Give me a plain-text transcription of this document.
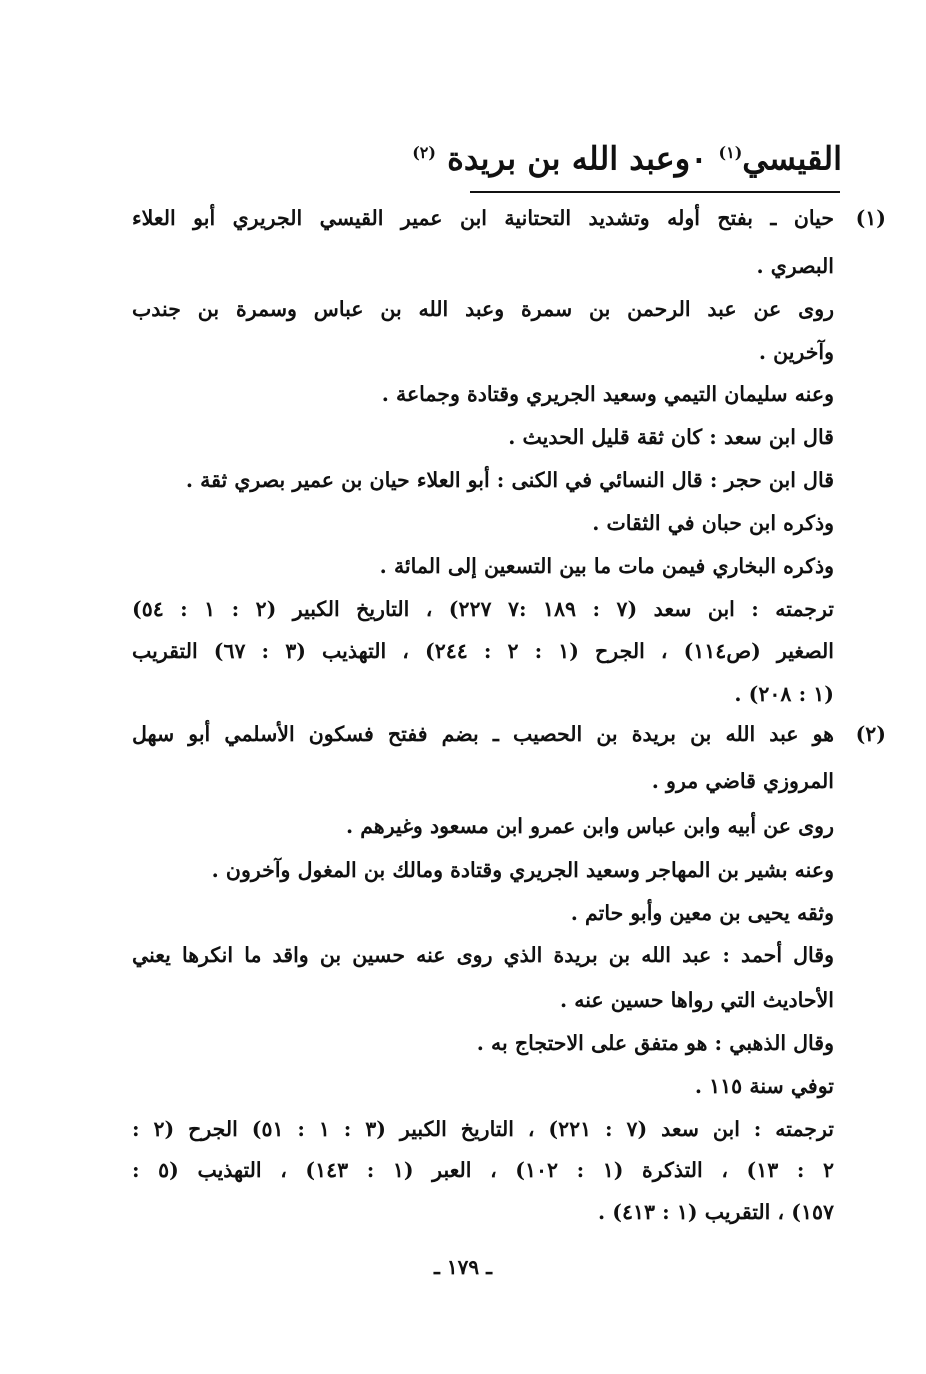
القيسي$^{(١)}$ ٠وعبد الله بن بريدة $^{(٢)}$
(١)
حيان ـ بفتح أوله وتشديد التحتانية ابن عمير القيسي الجريري أبو العلاء
البصري .
روى عن عبد الرحمن بن سمرة وعبد الله بن عباس وسمرة بن جندب
وآخرين .
وعنه سليمان التيمي وسعيد الجريري وقتادة وجماعة .
قال ابن سعد : كان ثقة قليل الحديث .
قال ابن حجر : قال النسائي في الكنى : أبو العلاء حيان بن عمير بصري ثقة .
وذكره ابن حبان في الثقات .
وذكره البخاري فيمن مات ما بين التسعين إلى المائة .
ترجمته : ابن سعد (٧ : ١٨٩ :٧ ٢٢٧) ، التاريخ الكبير (٢ : ١ : ٥٤)
الصغير (ص١١٤) ، الجرح (١ : ٢ : ٢٤٤) ، التهذيب (٣ : ٦٧) التقريب
(١ : ٢٠٨) .
(٢)
هو عبد الله بن بريدة بن الحصيب ـ بضم ففتح فسكون الأسلمي أبو سهل
المروزي قاضي مرو .
روى عن أبيه وابن عباس وابن عمرو ابن مسعود وغيرهم .
وعنه بشير بن المهاجر وسعيد الجريري وقتادة ومالك بن المغول وآخرون .
وثقه يحيى بن معين وأبو حاتم .
وقال أحمد : عبد الله بن بريدة الذي روى عنه حسين بن واقد ما انكرها يعني
الأحاديث التي رواها حسين عنه .
وقال الذهبي : هو متفق على الاحتجاج به .
توفي سنة ١١٥ .
ترجمته : ابن سعد (٧ : ٢٢١) ، التاريخ الكبير (٣ : ١ : ٥١) الجرح (٢ :
٢ : ١٣) ، التذكرة (١ : ١٠٢) ، العبر (١ : ١٤٣) ، التهذيب (٥ :
١٥٧) ، التقريب (١ : ٤١٣) .
ـ ١٧٩ ـ
